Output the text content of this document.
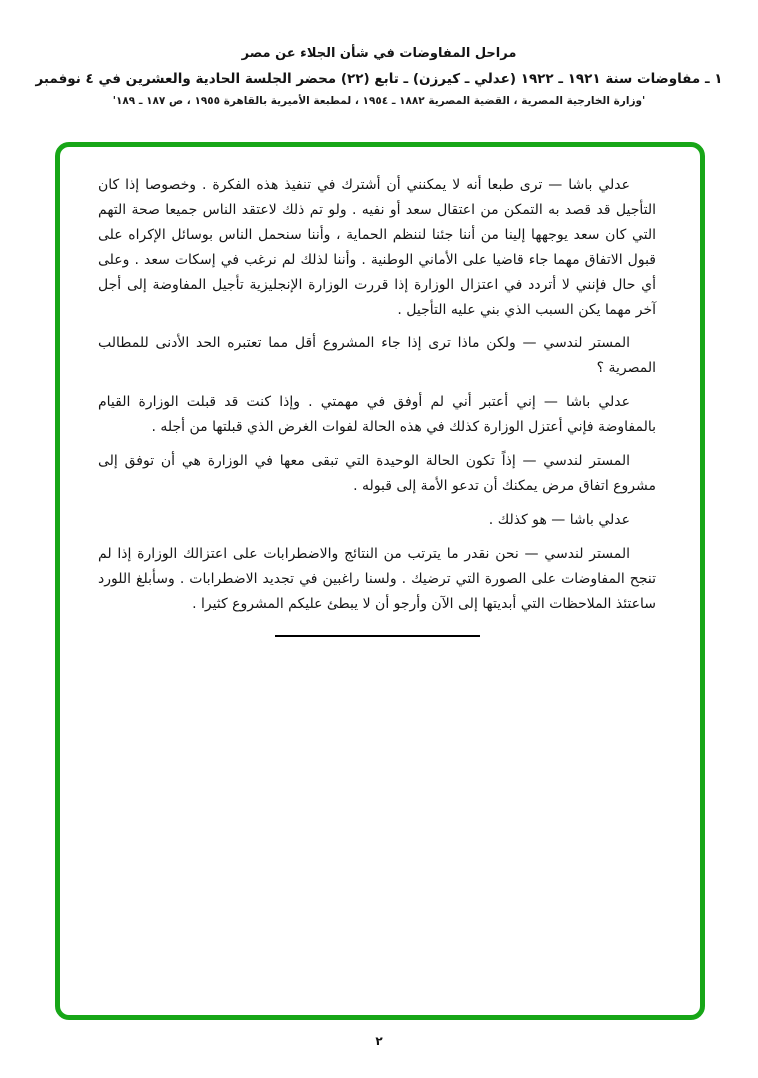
مراحل المفاوضات في شأن الجلاء عن مصر
١ ـ مفاوضات سنة ١٩٢١ ـ ١٩٢٢ (عدلي ـ كيرزن) ـ تابع (٢٢) محضر الجلسة الحادية والعشرين في ٤ نوفمبر
'وزارة الخارجية المصرية ، القضية المصرية ١٨٨٢ ـ ١٩٥٤ ، لمطبعة الأميرية بالقاهرة ١٩٥٥ ، ص ١٨٧ ـ ١٨٩'

عدلي باشا — ترى طبعا أنه لا يمكنني أن أشترك في تنفيذ هذه الفكرة . وخصوصا إذا كان التأجيل قد قصد به التمكن من اعتقال سعد أو نفيه . ولو تم ذلك لاعتقد الناس جميعا صحة التهم التي كان سعد يوجهها إلينا من أننا جئنا لننظم الحماية ، وأننا سنحمل الناس بوسائل الإكراه على قبول الاتفاق مهما جاء قاضيا على الأماني الوطنية . وأننا لذلك لم نرغب في إسكات سعد . وعلى أي حال فإنني لا أتردد في اعتزال الوزارة إذا قررت الوزارة الإنجليزية تأجيل المفاوضة إلى أجل آخر مهما يكن السبب الذي بني عليه التأجيل .

المستر لندسي — ولكن ماذا ترى إذا جاء المشروع أقل مما تعتبره الحد الأدنى للمطالب المصرية ؟

عدلي باشا — إني أعتبر أني لم أوفق في مهمتي . وإذا كنت قد قبلت الوزارة القيام بالمفاوضة فإني أعتزل الوزارة كذلك في هذه الحالة لفوات الغرض الذي قبلتها من أجله .

المستر لندسي — إذاً تكون الحالة الوحيدة التي تبقى معها في الوزارة هي أن توفق إلى مشروع اتفاق مرض يمكنك أن تدعو الأمة إلى قبوله .

عدلي باشا — هو كذلك .

المستر لندسي — نحن نقدر ما يترتب من النتائج والاضطرابات على اعتزالك الوزارة إذا لم تنجح المفاوضات على الصورة التي ترضيك . ولسنا راغبين في تجديد الاضطرابات . وسأبلغ اللورد ساعتئذ الملاحظات التي أبديتها إلى الآن وأرجو أن لا يبطئ عليكم المشروع كثيرا .

٢
